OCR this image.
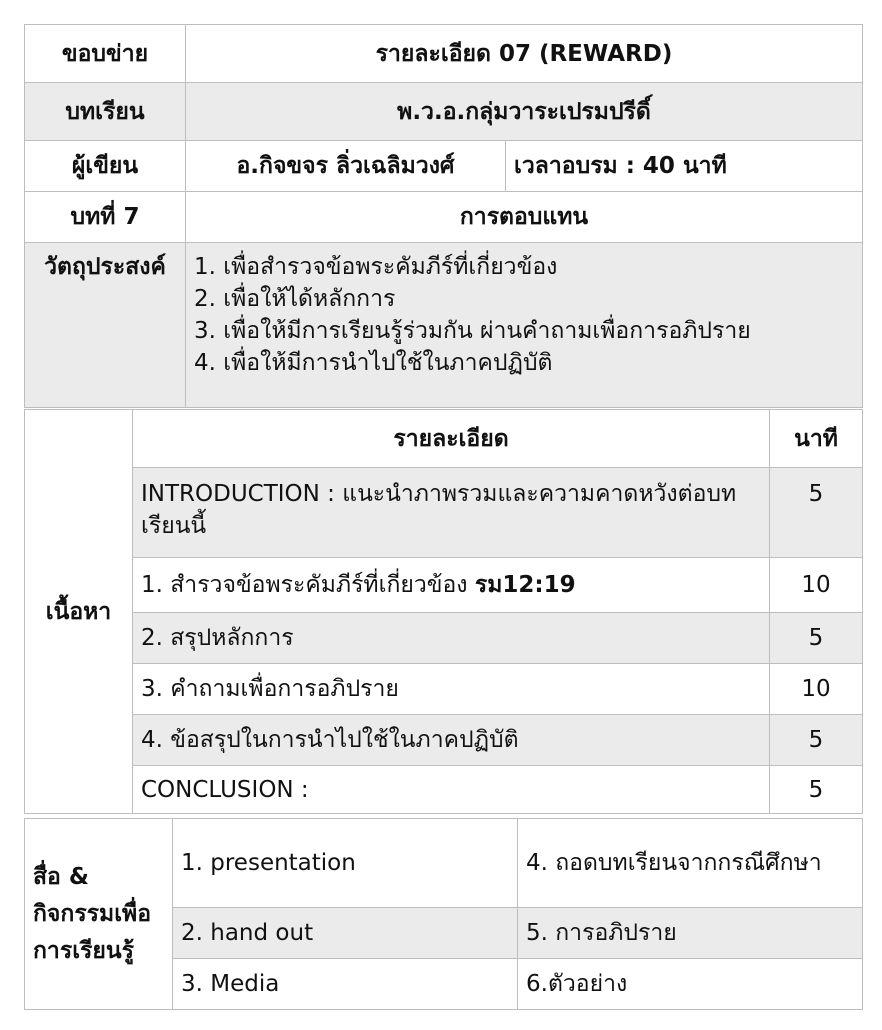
ขอบข่าย	รายละเอียด 07 (REWARD)	
บทเรียน	พ.ว.อ.กลุ่มวาระเปรมปรีดิ์	
ผู้เขียน	อ.กิจขจร ลิ่วเฉลิมวงศ์	เวลาอบรม : 40 นาที
บทที่ 7	การตอบแทน	
วัตถุประสงค์	1. เพื่อสำรวจข้อพระคัมภีร์ที่เกี่ยวข้อง
2. เพื่อให้ได้หลักการ
3. เพื่อให้มีการเรียนรู้ร่วมกัน ผ่านคำถามเพื่อการอภิปราย
4. เพื่อให้มีการนำไปใช้ในภาคปฏิบัติ	
เนื้อหา	รายละเอียด	นาที
	INTRODUCTION : แนะนำภาพรวมและความคาดหวังต่อบทเรียนนี้	5
	1. สำรวจข้อพระคัมภีร์ที่เกี่ยวข้อง รม12:19	10
	2. สรุปหลักการ	5
	3. คำถามเพื่อการอภิปราย	10
	4. ข้อสรุปในการนำไปใช้ในภาคปฏิบัติ	5
	CONCLUSION :	5
สื่อ & กิจกรรมเพื่อการเรียนรู้	1. presentation	4. ถอดบทเรียนจากกรณีศึกษา
	2. hand out	5. การอภิปราย
	3. Media	6.ตัวอย่าง
